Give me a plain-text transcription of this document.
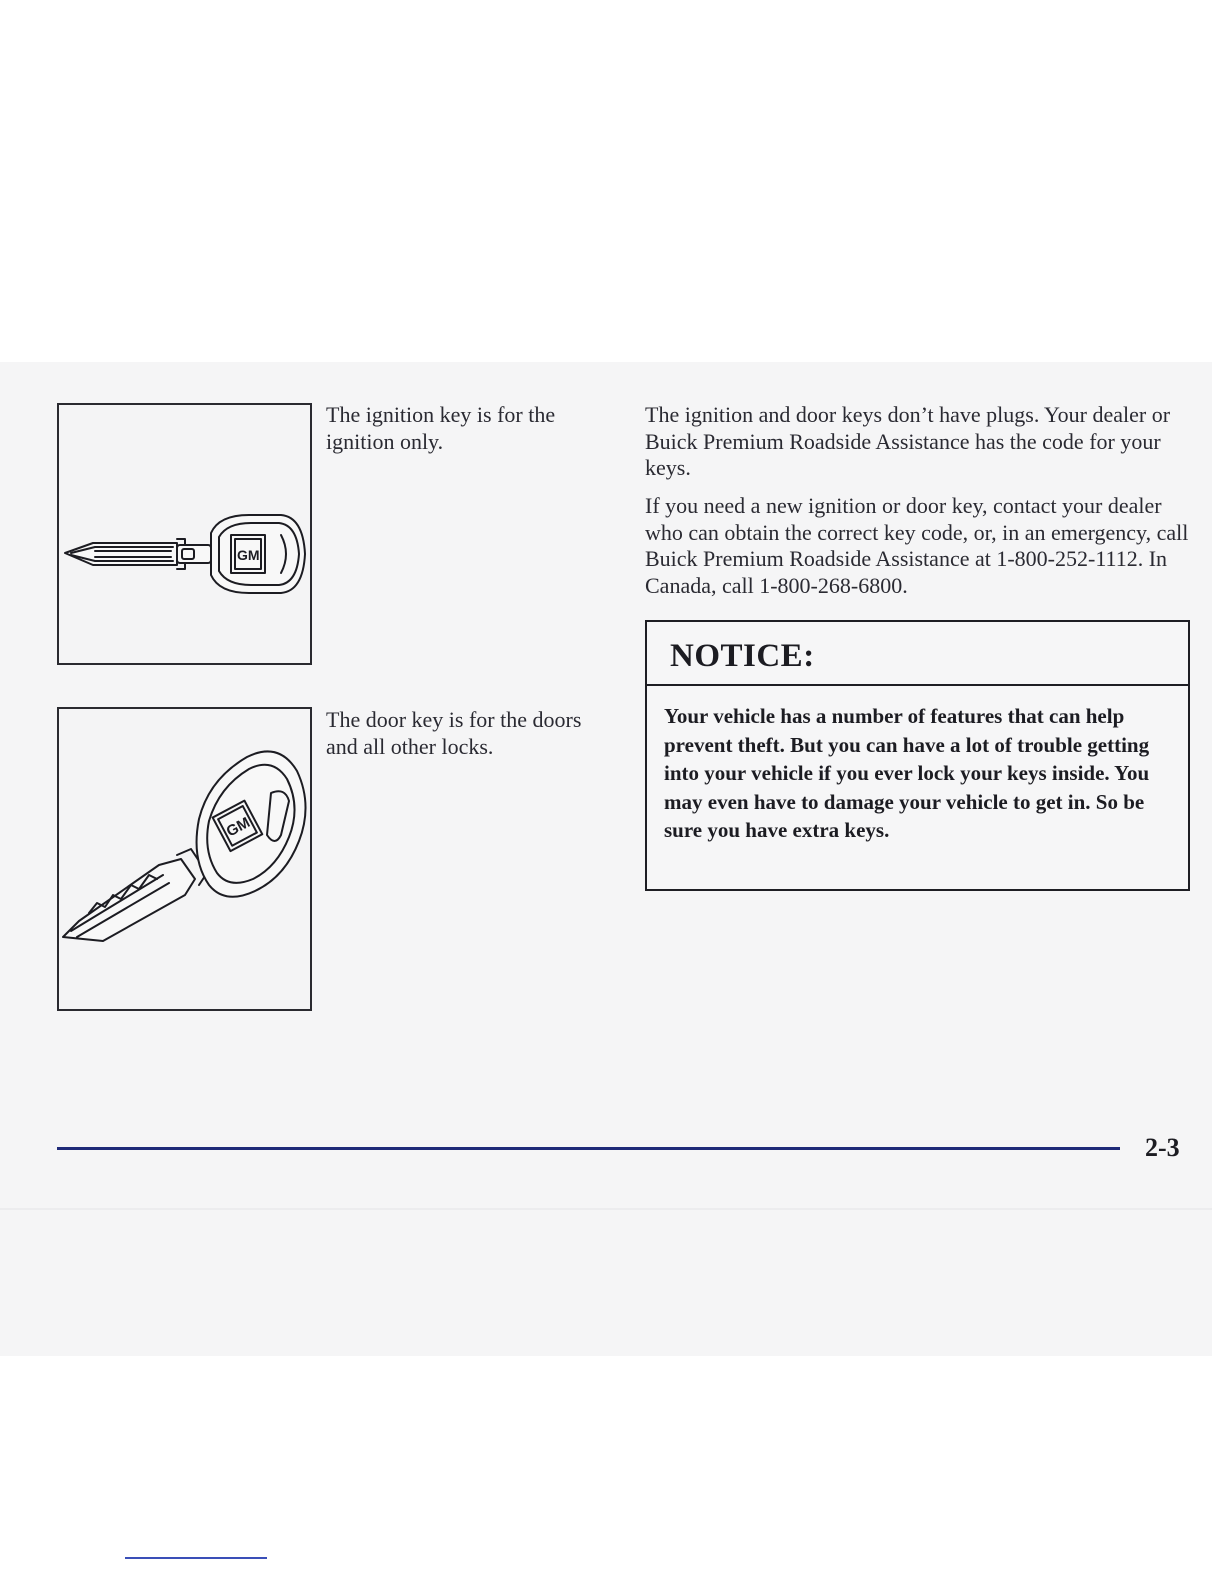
GM

The ignition key is for the ignition only.

GM

The door key is for the doors and all other locks.

The ignition and door keys don’t have plugs. Your dealer or Buick Premium Roadside Assistance has the code for your keys.

If you need a new ignition or door key, contact your dealer who can obtain the correct key code, or, in an emergency, call Buick Premium Roadside Assistance at 1-800-252-1112. In Canada, call 1-800-268-6800.

NOTICE:

Your vehicle has a number of features that can help prevent theft. But you can have a lot of trouble getting into your vehicle if you ever lock your keys inside. You may even have to damage your vehicle to get in. So be sure you have extra keys.

2-3
